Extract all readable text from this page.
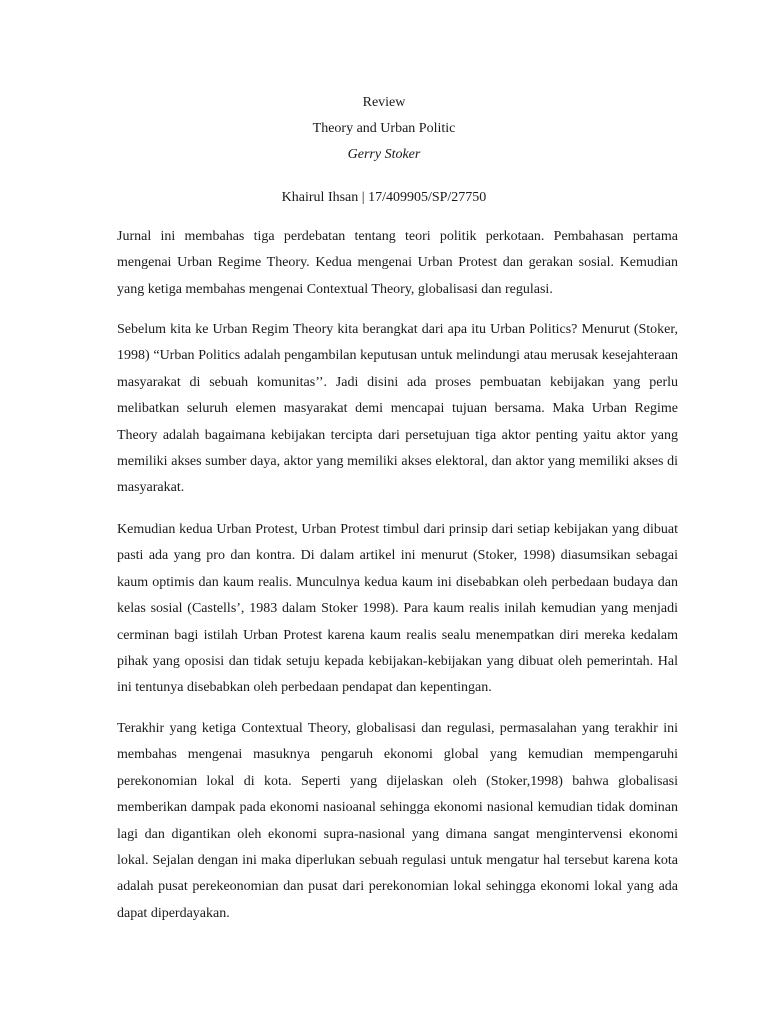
Review
Theory and Urban Politic
Gerry Stoker
Khairul Ihsan | 17/409905/SP/27750

Jurnal ini membahas tiga perdebatan tentang teori politik perkotaan. Pembahasan pertama mengenai Urban Regime Theory. Kedua mengenai Urban Protest dan gerakan sosial. Kemudian yang ketiga membahas mengenai Contextual Theory, globalisasi dan regulasi.

Sebelum kita ke Urban Regim Theory kita berangkat dari apa itu Urban Politics? Menurut (Stoker, 1998) “Urban Politics adalah pengambilan keputusan untuk melindungi atau merusak kesejahteraan masyarakat di sebuah komunitas’’. Jadi disini ada proses pembuatan kebijakan yang perlu melibatkan seluruh elemen masyarakat demi mencapai tujuan bersama. Maka Urban Regime Theory adalah bagaimana kebijakan tercipta dari persetujuan tiga aktor penting yaitu aktor yang memiliki akses sumber daya, aktor yang memiliki akses elektoral, dan aktor yang memiliki akses di masyarakat.

Kemudian kedua Urban Protest, Urban Protest timbul dari prinsip dari setiap kebijakan yang dibuat pasti ada yang pro dan kontra. Di dalam artikel ini menurut (Stoker, 1998) diasumsikan sebagai kaum optimis dan kaum realis. Munculnya kedua kaum ini disebabkan oleh perbedaan budaya dan kelas sosial (Castells’, 1983 dalam Stoker 1998). Para kaum realis inilah kemudian yang menjadi cerminan bagi istilah Urban Protest karena kaum realis sealu menempatkan diri mereka kedalam pihak yang oposisi dan tidak setuju kepada kebijakan-kebijakan yang dibuat oleh pemerintah. Hal ini tentunya disebabkan oleh perbedaan pendapat dan kepentingan.

Terakhir yang ketiga Contextual Theory, globalisasi dan regulasi, permasalahan yang terakhir ini membahas mengenai masuknya pengaruh ekonomi global yang kemudian mempengaruhi perekonomian lokal di kota. Seperti yang dijelaskan oleh (Stoker,1998) bahwa globalisasi memberikan dampak pada ekonomi nasioanal sehingga ekonomi nasional kemudian tidak dominan lagi dan digantikan oleh ekonomi supra-nasional yang dimana sangat mengintervensi ekonomi lokal. Sejalan dengan ini maka diperlukan sebuah regulasi untuk mengatur hal tersebut karena kota adalah pusat perekeonomian dan pusat dari perekonomian lokal sehingga ekonomi lokal yang ada dapat diperdayakan.
